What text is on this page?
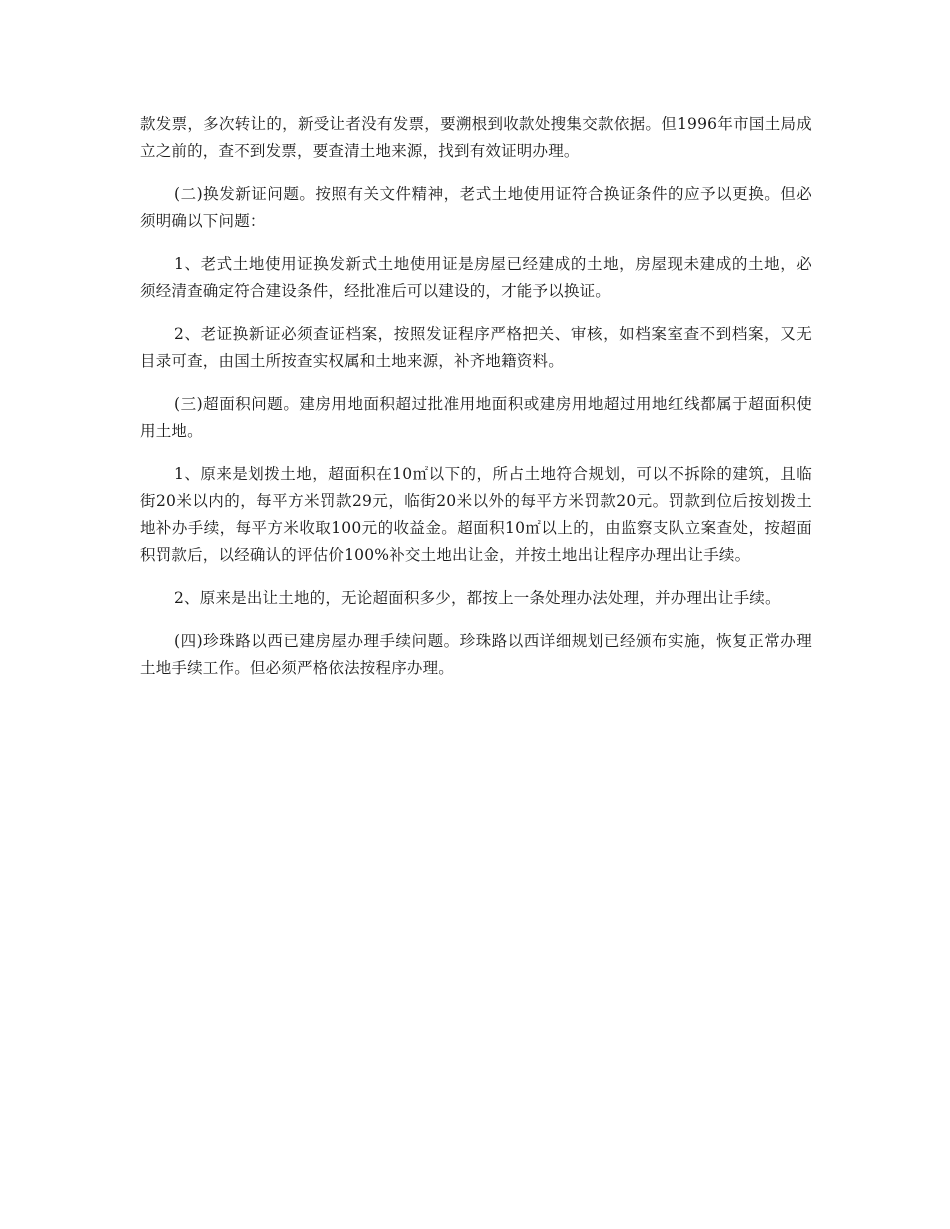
款发票，多次转让的，新受让者没有发票，要溯根到收款处搜集交款依据。但1996年市国土局成立之前的，查不到发票，要查清土地来源，找到有效证明办理。

(二)换发新证问题。按照有关文件精神，老式土地使用证符合换证条件的应予以更换。但必须明确以下问题：

1、老式土地使用证换发新式土地使用证是房屋已经建成的土地，房屋现未建成的土地，必须经清查确定符合建设条件，经批准后可以建设的，才能予以换证。

2、老证换新证必须查证档案，按照发证程序严格把关、审核，如档案室查不到档案，又无目录可查，由国土所按查实权属和土地来源，补齐地籍资料。

(三)超面积问题。建房用地面积超过批准用地面积或建房用地超过用地红线都属于超面积使用土地。

1、原来是划拨土地，超面积在10㎡以下的，所占土地符合规划，可以不拆除的建筑，且临街20米以内的，每平方米罚款29元，临街20米以外的每平方米罚款20元。罚款到位后按划拨土地补办手续，每平方米收取100元的收益金。超面积10㎡以上的，由监察支队立案查处，按超面积罚款后，以经确认的评估价100%补交土地出让金，并按土地出让程序办理出让手续。

2、原来是出让土地的，无论超面积多少，都按上一条处理办法处理，并办理出让手续。

(四)珍珠路以西已建房屋办理手续问题。珍珠路以西详细规划已经颁布实施，恢复正常办理土地手续工作。但必须严格依法按程序办理。
